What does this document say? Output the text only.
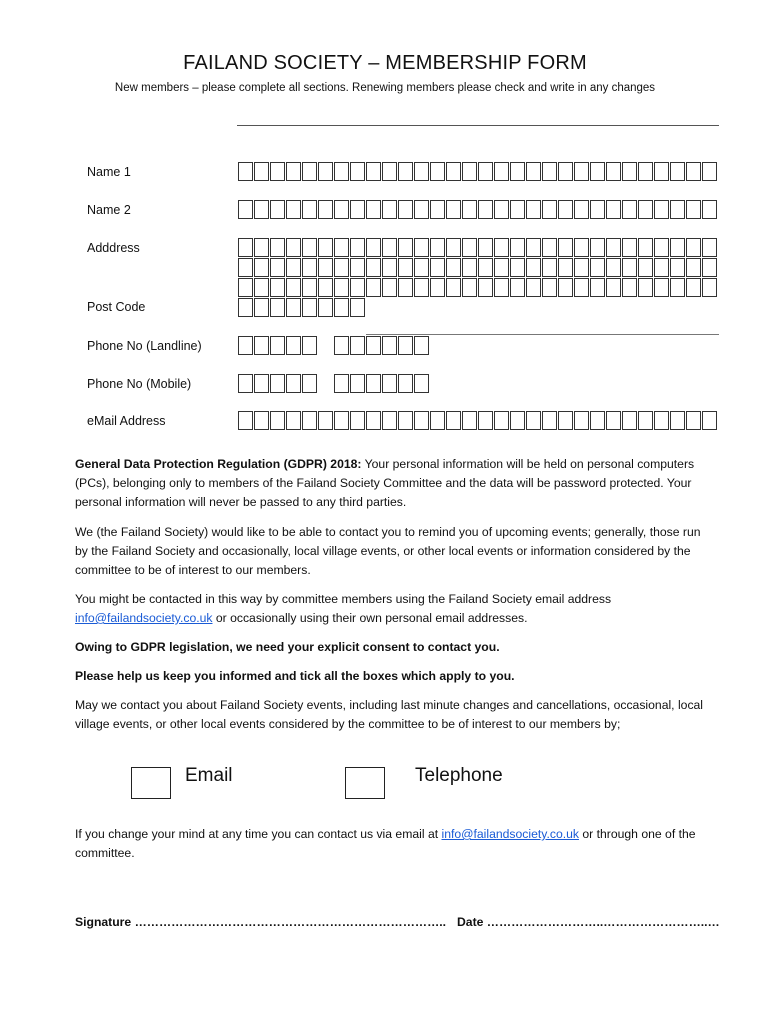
FAILAND SOCIETY – MEMBERSHIP FORM
New members – please complete all sections. Renewing members please check and write in any changes
Name 1
Name 2
Adddress
Post Code
Phone No (Landline)
Phone No (Mobile)
eMail Address
General Data Protection Regulation (GDPR) 2018: Your personal information will be held on personal computers (PCs), belonging only to members of the Failand Society Committee and the data will be password protected. Your personal information will never be passed to any third parties.
We (the Failand Society) would like to be able to contact you to remind you of upcoming events; generally, those run by the Failand Society and occasionally, local village events, or other local events or information considered by the committee to be of interest to our members.
You might be contacted in this way by committee members using the Failand Society email address info@failandsociety.co.uk or occasionally using their own personal email addresses.
Owing to GDPR legislation, we need your explicit consent to contact you.
Please help us keep you informed and tick all the boxes which apply to you.
May we contact you about Failand Society events, including last minute changes and cancellations, occasional, local village events, or other local events considered by the committee to be of interest to our members by;
Email	Telephone
If you change your mind at any time you can contact us via email at info@failandsociety.co.uk or through one of the committee.
Signature ………………………………………………………………….. Date ………………………..……………………..…
